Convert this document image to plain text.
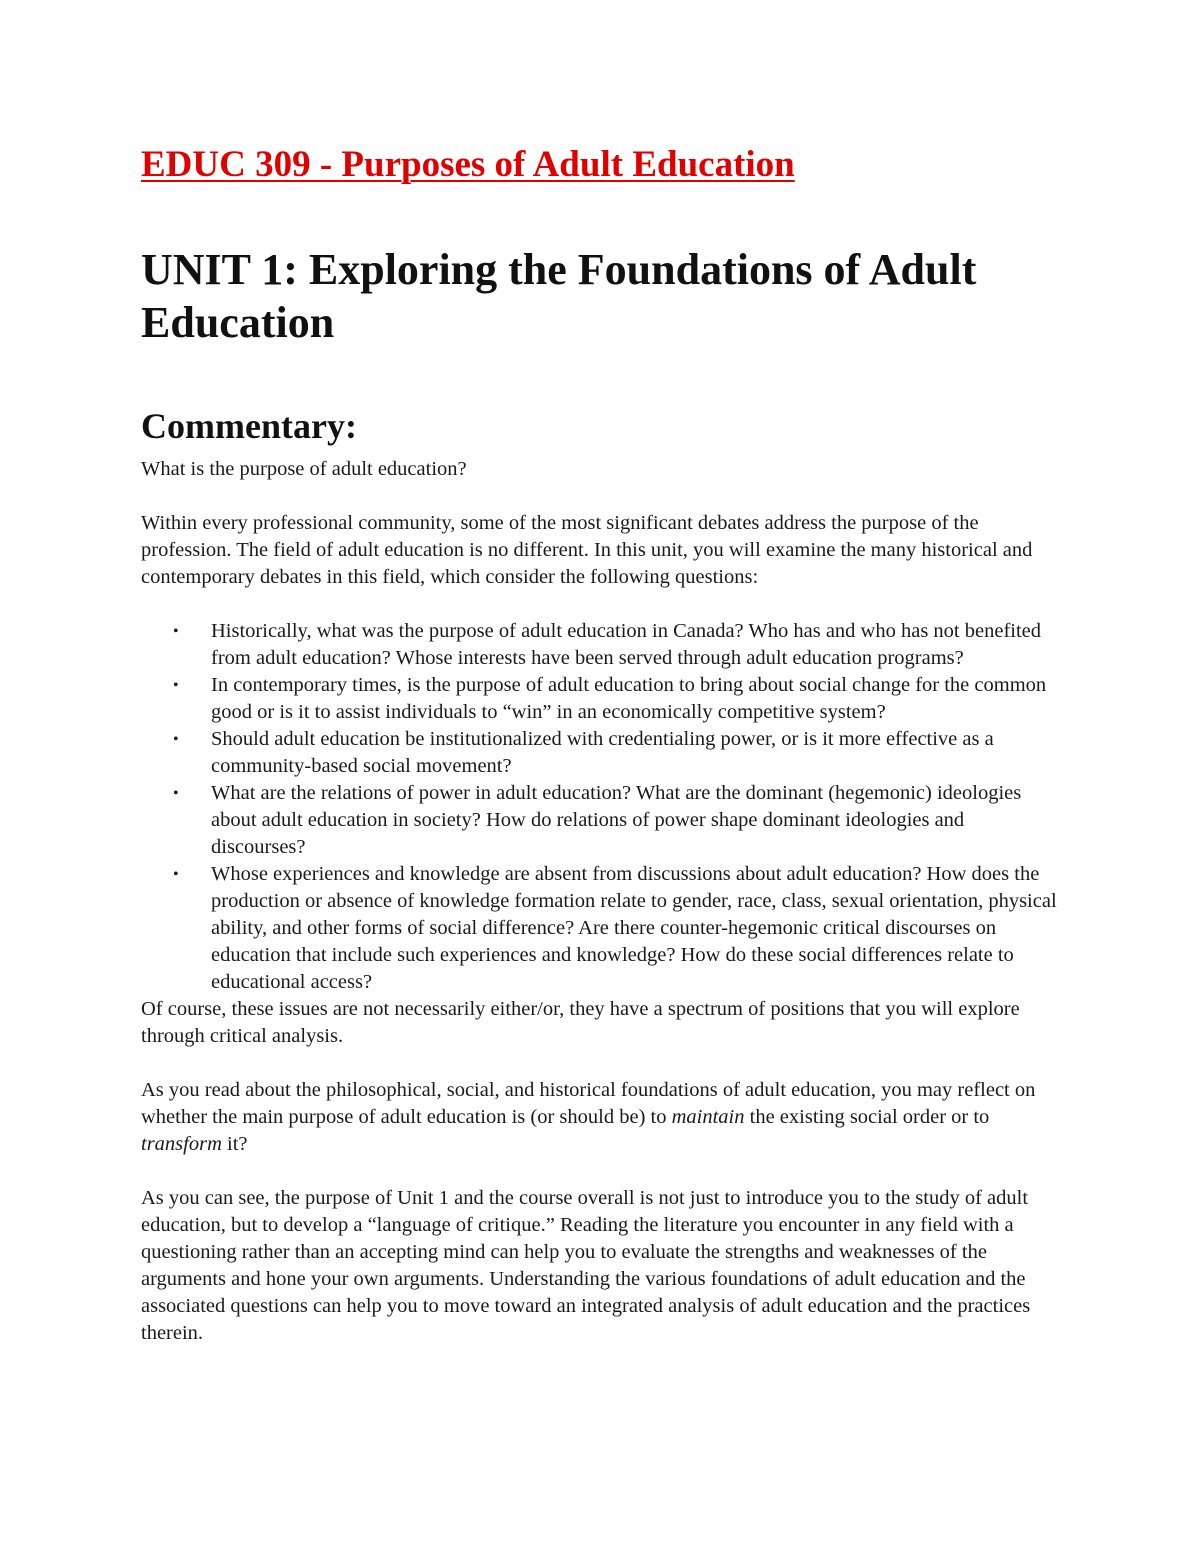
EDUC 309 - Purposes of Adult Education
UNIT 1: Exploring the Foundations of Adult Education
Commentary:

What is the purpose of adult education?

Within every professional community, some of the most significant debates address the purpose of the profession. The field of adult education is no different. In this unit, you will examine the many historical and contemporary debates in this field, which consider the following questions:

• Historically, what was the purpose of adult education in Canada? Who has and who has not benefited from adult education? Whose interests have been served through adult education programs?
• In contemporary times, is the purpose of adult education to bring about social change for the common good or is it to assist individuals to “win” in an economically competitive system?
• Should adult education be institutionalized with credentialing power, or is it more effective as a community-based social movement?
• What are the relations of power in adult education? What are the dominant (hegemonic) ideologies about adult education in society? How do relations of power shape dominant ideologies and discourses?
• Whose experiences and knowledge are absent from discussions about adult education? How does the production or absence of knowledge formation relate to gender, race, class, sexual orientation, physical ability, and other forms of social difference? Are there counter-hegemonic critical discourses on education that include such experiences and knowledge? How do these social differences relate to educational access?

Of course, these issues are not necessarily either/or, they have a spectrum of positions that you will explore through critical analysis.

As you read about the philosophical, social, and historical foundations of adult education, you may reflect on whether the main purpose of adult education is (or should be) to maintain the existing social order or to transform it?

As you can see, the purpose of Unit 1 and the course overall is not just to introduce you to the study of adult education, but to develop a “language of critique.” Reading the literature you encounter in any field with a questioning rather than an accepting mind can help you to evaluate the strengths and weaknesses of the arguments and hone your own arguments. Understanding the various foundations of adult education and the associated questions can help you to move toward an integrated analysis of adult education and the practices therein.
